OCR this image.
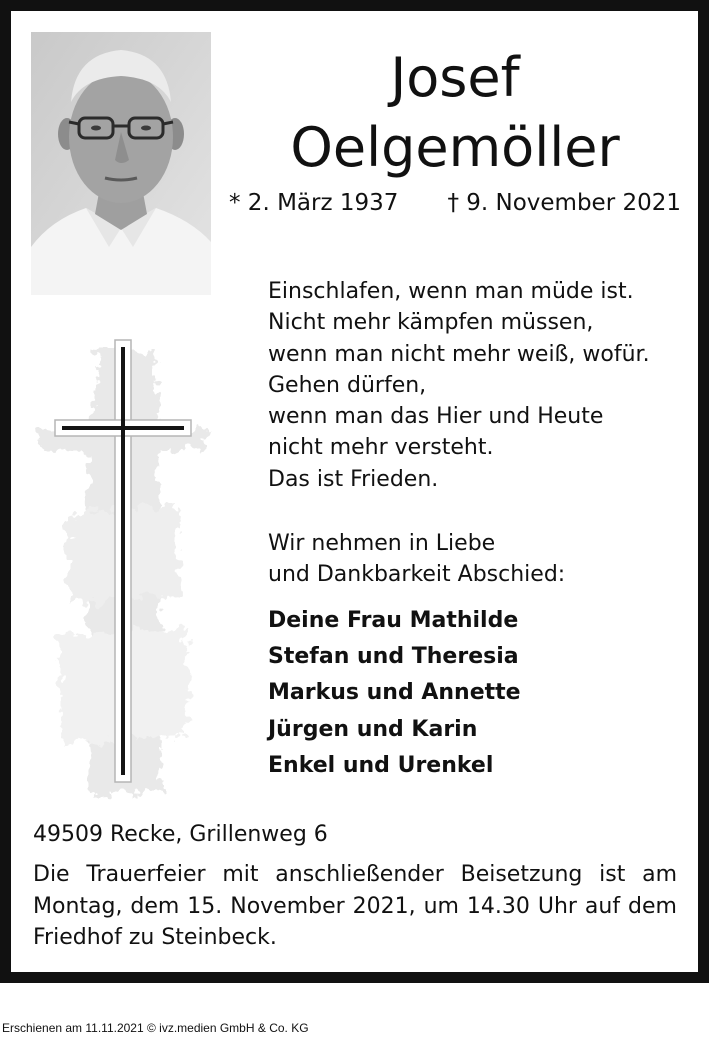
Josef
Oelgemöller
* 2. März 1937 † 9. November 2021
Einschlafen, wenn man müde ist.
Nicht mehr kämpfen müssen,
wenn man nicht mehr weiß, wofür.
Gehen dürfen,
wenn man das Hier und Heute
nicht mehr versteht.
Das ist Frieden.
Wir nehmen in Liebe
und Dankbarkeit Abschied:
Deine Frau Mathilde
Stefan und Theresia
Markus und Annette
Jürgen und Karin
Enkel und Urenkel
49509 Recke, Grillenweg 6
Die Trauerfeier mit anschließender Beisetzung ist am Montag, dem 15. November 2021, um 14.30 Uhr auf dem Friedhof zu Steinbeck.
Erschienen am 11.11.2021 © ivz.medien GmbH & Co. KG
